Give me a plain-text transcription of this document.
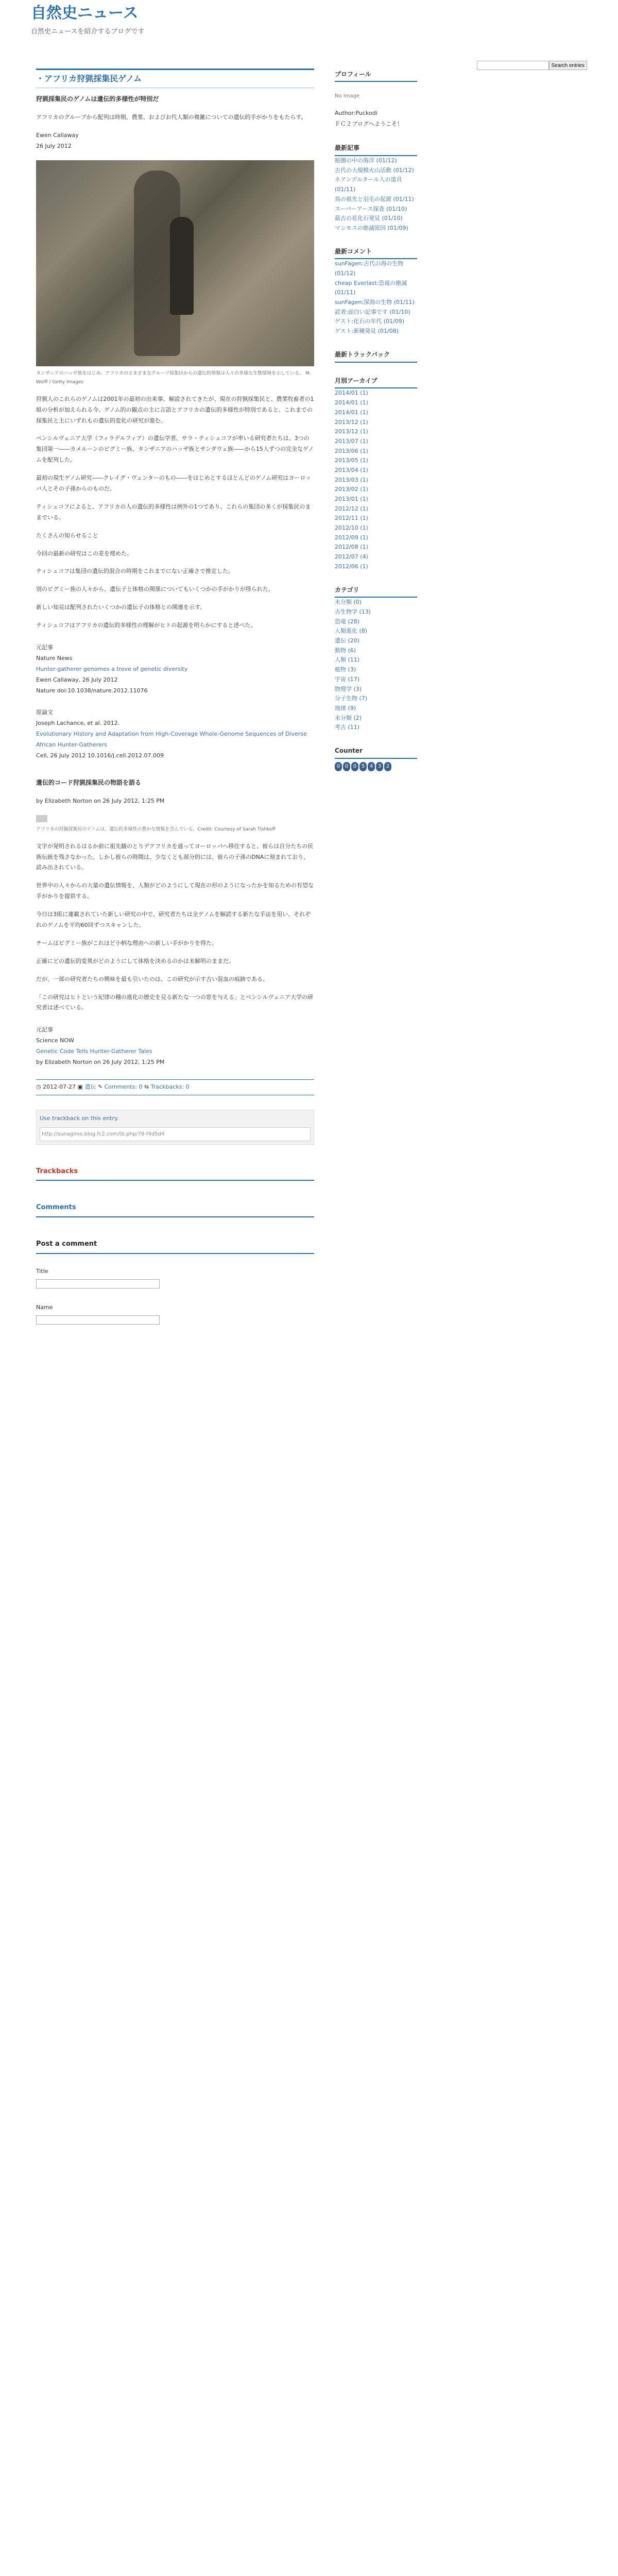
自然史ニュース
自然史ニュースを紹介するブログです
Search entries
・アフリカ狩猟採集民ゲノム
狩猟採集民のゲノムは遺伝的多様性が特別だ
アフリカのグループから配列は時期、農業、およびお代人類の複雑についての遺伝的手がかりをもたらす。
Ewen Callaway
26 July 2012
タンザニアのハッザ族をはじめ、アフリカのさまざまなグループ採集民からの遺伝的情報は人々の多様な生態環境を示している。 M. Wolff / Getty Images
狩猟人のこれらのゲノムは2001年の最初の出来事、解読されてきたが、現在の狩猟採集民と、農業牧畜者の1組の分析が加えられる今、ゲノム的の観点の主に言語とアフリカの遺伝的多様性が特別であると、これまでの採集民と主にいずれもの遺伝的変化の研究が進む。
ペンシルヴェニア大学（フィラデルフィア）の遺伝学者、サラ・ティシュコフが率いる研究者たちは、3つの集団第一――カメルーンのピグミー族、タンザニアのハッザ族とサンダウェ族――から15人ずつの完全なゲノムを配列した。
最初の現生ゲノム研究――クレイグ・ヴェンターのもの――をはじめとするほとんどのゲノム研究はヨーロッパ人とその子孫からのものだ。
ティシュコフによると、アフリカの人の遺伝的多様性は例外の1つであり、これらの集団の多くが採集民のままでいる。
たくさんの知らせること
今回の最新の研究はこの差を埋めた。
ティシュコフは集団の遺伝的混合の時期をこれまでにない正確さで推定した。
別のピグミー族の人々から、遺伝子と体格の関係についてもいくつかの手がかりが得られた。
新しい知見は配列されたいくつかの遺伝子の体格との関連を示す。
ティシュコフはアフリカの遺伝的多様性の理解がヒトの起源を明らかにすると述べた。
元記事
Nature News
Hunter-gatherer genomes a trove of genetic diversity
Ewen Callaway, 26 July 2012
Nature doi:10.1038/nature.2012.11076
原論文
Joseph Lachance, et al. 2012.
Evolutionary History and Adaptation from High-Coverage Whole-Genome Sequences of Diverse African Hunter-Gatherers
Cell, 26 July 2012 10.1016/j.cell.2012.07.009
遺伝的コード狩猟採集民の物語を語る
by Elizabeth Norton on 26 July 2012, 1:25 PM
アフリカの狩猟採集民のゲノムは、遺伝的多様性の豊かな情報を含んでいる。Credit: Courtesy of Sarah Tishkoff
文字が発明されるはるか前に祖先観のとりデアフリカを通ってヨーロッパへ移住すると、彼らは自分たちの民族伝統を残さなかった。しかし彼らの時間は、少なくとも部分的には、彼らの子孫のDNAに刻まれており、読み出されている。
世界中の人々からの大量の遺伝情報を、人類がどのようにして現在の形のようになったかを知るための有望な手がかりを提供する。
今日は3組に連載されていた新しい研究の中で、研究者たちは全ゲノムを解読する新たな手法を用い、それぞれのゲノムを平均60回ずつスキャンした。
チームはピグミー族がこれほど小柄な理由への新しい手がかりを得た。
正確にどの遺伝的変異がどのようにして体格を決めるのかは未解明のままだ。
だが、一部の研究者たちの興味を最も引いたのは、この研究が示す古い混血の痕跡である。
「この研究はヒトという紀律の種の進化の歴史を見る新たな一つの窓を与える」とペンシルヴェニア大学の研究者は述べている。
元記事
Science NOW
Genetic Code Tells Hunter-Gatherer Tales
by Elizabeth Norton on 26 July 2012, 1:25 PM
◷ 2012-07-27 ▣ 遺伝 ✎ Comments: 0 ⇆ Trackbacks: 0
Use trackback on this entry.
http://sunagimo.blog.fc2.com/tb.php/79-f4d5d4
Trackbacks
Comments
Post a comment
Title
Name
プロフィール
No Image
Author:Puckodi
ＦＣ２ブログへようこそ！
最新記事
暗闇の中の海洋 (01/12)
古代の大規模火山活動 (01/12)
ネアンデルタール人の道具 (01/11)
鳥の祖先と羽毛の起源 (01/11)
スーパーアース探査 (01/10)
最古の花化石発見 (01/10)
マンモスの絶滅原因 (01/09)
最新コメント
sunFagen:古代の海の生物 (01/12)
cheap Everlast:恐竜の絶滅 (01/11)
sunFagen:深海の生物 (01/11)
読者:面白い記事です (01/10)
ゲスト:化石の年代 (01/09)
ゲスト:新種発見 (01/08)
最新トラックバック
月別アーカイブ
2014/01 (1)
2014/01 (1)
2014/01 (1)
2013/12 (1)
2013/12 (1)
2013/07 (1)
2013/06 (1)
2013/05 (1)
2013/04 (1)
2013/03 (1)
2013/02 (1)
2013/01 (1)
2012/12 (1)
2012/11 (1)
2012/10 (1)
2012/09 (1)
2012/08 (1)
2012/07 (4)
2012/06 (1)
カテゴリ
未分類 (0)
古生物学 (13)
恐竜 (28)
人類進化 (8)
遺伝 (20)
動物 (6)
人類 (11)
植物 (3)
宇宙 (17)
物理学 (3)
分子生物 (7)
地球 (9)
未分類 (2)
考古 (11)
Counter
0 0 0 5 4 3 2
